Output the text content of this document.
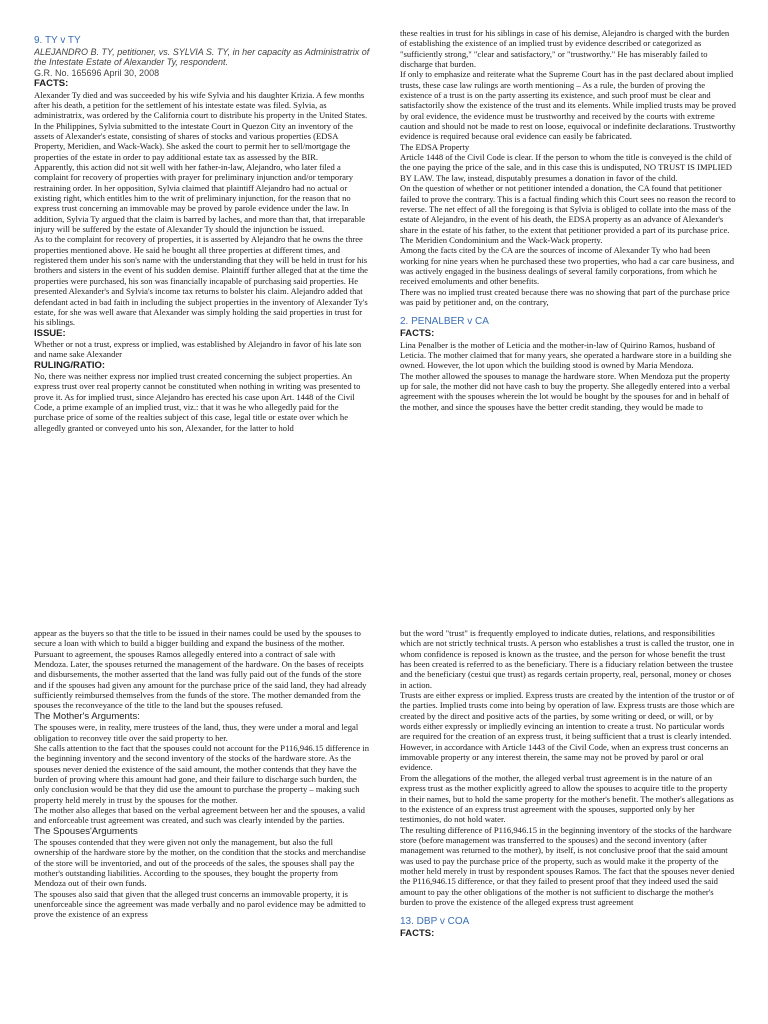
9. TY v TY
ALEJANDRO B. TY, petitioner, vs. SYLVIA S. TY, in her capacity as Administratrix of the Intestate Estate of Alexander Ty, respondent.
G.R. No. 165696 April 30, 2008
FACTS:
Alexander Ty died and was succeeded by his wife Sylvia and his daughter Krizia. A few months after his death, a petition for the settlement of his intestate estate was filed. Sylvia, as administratrix, was ordered by the California court to distribute his property in the United States. In the Philippines, Sylvia submitted to the intestate Court in Quezon City an inventory of the assets of Alexander's estate, consisting of shares of stocks and various properties (EDSA Property, Meridien, and Wack-Wack). She asked the court to permit her to sell/mortgage the properties of the estate in order to pay additional estate tax as assessed by the BIR.
Apparently, this action did not sit well with her father-in-law, Alejandro, who later filed a complaint for recovery of properties with prayer for preliminary injunction and/or temporary restraining order. In her opposition, Sylvia claimed that plaintiff Alejandro had no actual or existing right, which entitles him to the writ of preliminary injunction, for the reason that no express trust concerning an immovable may be proved by parole evidence under the law. In addition, Sylvia Ty argued that the claim is barred by laches, and more than that, that irreparable injury will be suffered by the estate of Alexander Ty should the injunction be issued.
As to the complaint for recovery of properties, it is asserted by Alejandro that he owns the three properties mentioned above. He said he bought all three properties at different times, and registered them under his son's name with the understanding that they will be held in trust for his brothers and sisters in the event of his sudden demise. Plaintiff further alleged that at the time the properties were purchased, his son was financially incapable of purchasing said properties. He presented Alexander's and Sylvia's income tax returns to bolster his claim. Alejandro added that defendant acted in bad faith in including the subject properties in the inventory of Alexander Ty's estate, for she was well aware that Alexander was simply holding the said properties in trust for his siblings.
ISSUE:
Whether or not a trust, express or implied, was established by Alejandro in favor of his late son and name sake Alexander
RULING/RATIO:
No, there was neither express nor implied trust created concerning the subject properties. An express trust over real property cannot be constituted when nothing in writing was presented to prove it. As for implied trust, since Alejandro has erected his case upon Art. 1448 of the Civil Code, a prime example of an implied trust, viz.: that it was he who allegedly paid for the purchase price of some of the realties subject of this case, legal title or estate over which he allegedly granted or conveyed unto his son, Alexander, for the latter to hold
these realties in trust for his siblings in case of his demise, Alejandro is charged with the burden of establishing the existence of an implied trust by evidence described or categorized as "sufficiently strong," "clear and satisfactory," or "trustworthy." He has miserably failed to discharge that burden.
If only to emphasize and reiterate what the Supreme Court has in the past declared about implied trusts, these case law rulings are worth mentioning – As a rule, the burden of proving the existence of a trust is on the party asserting its existence, and such proof must be clear and satisfactorily show the existence of the trust and its elements. While implied trusts may be proved by oral evidence, the evidence must be trustworthy and received by the courts with extreme caution and should not be made to rest on loose, equivocal or indefinite declarations. Trustworthy evidence is required because oral evidence can easily be fabricated.
The EDSA Property
Article 1448 of the Civil Code is clear. If the person to whom the title is conveyed is the child of the one paying the price of the sale, and in this case this is undisputed, NO TRUST IS IMPLIED BY LAW. The law, instead, disputably presumes a donation in favor of the child.
On the question of whether or not petitioner intended a donation, the CA found that petitioner failed to prove the contrary. This is a factual finding which this Court sees no reason the record to reverse. The net effect of all the foregoing is that Sylvia is obliged to collate into the mass of the estate of Alejandro, in the event of his death, the EDSA property as an advance of Alexander's share in the estate of his father, to the extent that petitioner provided a part of its purchase price.
The Meridien Condominium and the Wack-Wack property.
Among the facts cited by the CA are the sources of income of Alexander Ty who had been working for nine years when he purchased these two properties, who had a car care business, and was actively engaged in the business dealings of several family corporations, from which he received emoluments and other benefits.
There was no implied trust created because there was no showing that part of the purchase price was paid by petitioner and, on the contrary,
2. PENALBER v CA
FACTS:
Lina Penalber is the mother of Leticia and the mother-in-law of Quirino Ramos, husband of Leticia. The mother claimed that for many years, she operated a hardware store in a building she owned. However, the lot upon which the building stood is owned by Maria Mendoza.
The mother allowed the spouses to manage the hardware store. When Mendoza put the property up for sale, the mother did not have cash to buy the property. She allegedly entered into a verbal agreement with the spouses wherein the lot would be bought by the spouses for and in behalf of the mother, and since the spouses have the better credit standing, they would be made to
appear as the buyers so that the title to be issued in their names could be used by the spouses to secure a loan with which to build a bigger building and expand the business of the mother.
Pursuant to agreement, the spouses Ramos allegedly entered into a contract of sale with Mendoza. Later, the spouses returned the management of the hardware. On the bases of receipts and disbursements, the mother asserted that the land was fully paid out of the funds of the store and if the spouses had given any amount for the purchase price of the said land, they had already sufficiently reimbursed themselves from the funds of the store. The mother demanded from the spouses the reconveyance of the title to the land but the spouses refused.
The Mother's Arguments:
The spouses were, in reality, mere trustees of the land, thus, they were under a moral and legal obligation to reconvey title over the said property to her.
She calls attention to the fact that the spouses could not account for the P116,946.15 difference in the beginning inventory and the second inventory of the stocks of the hardware store. As the spouses never denied the existence of the said amount, the mother contends that they have the burden of proving where this amount had gone, and their failure to discharge such burden, the only conclusion would be that they did use the amount to purchase the property – making such property held merely in trust by the spouses for the mother.
The mother also alleges that based on the verbal agreement between her and the spouses, a valid and enforceable trust agreement was created, and such was clearly intended by the parties.
The Spouses'Arguments
The spouses contended that they were given not only the management, but also the full ownership of the hardware store by the mother, on the condition that the stocks and merchandise of the store will be inventoried, and out of the proceeds of the sales, the spouses shall pay the mother's outstanding liabilities. According to the spouses, they bought the property from Mendoza out of their own funds.
The spouses also said that given that the alleged trust concerns an immovable property, it is unenforceable since the agreement was made verbally and no parol evidence may be admitted to prove the existence of an express
but the word "trust" is frequently employed to indicate duties, relations, and responsibilities which are not strictly technical trusts. A person who establishes a trust is called the trustor, one in whom confidence is reposed is known as the trustee, and the person for whose benefit the trust has been created is referred to as the beneficiary. There is a fiduciary relation between the trustee and the beneficiary (cestui que trust) as regards certain property, real, personal, money or choses in action.
Trusts are either express or implied. Express trusts are created by the intention of the trustor or of the parties. Implied trusts come into being by operation of law. Express trusts are those which are created by the direct and positive acts of the parties, by some writing or deed, or will, or by words either expressly or impliedly evincing an intention to create a trust. No particular words are required for the creation of an express trust, it being sufficient that a trust is clearly intended. However, in accordance with Article 1443 of the Civil Code, when an express trust concerns an immovable property or any interest therein, the same may not be proved by parol or oral evidence.
From the allegations of the mother, the alleged verbal trust agreement is in the nature of an express trust as the mother explicitly agreed to allow the spouses to acquire title to the property in their names, but to hold the same property for the mother's benefit. The mother's allegations as to the existence of an express trust agreement with the spouses, supported only by her testimonies, do not hold water.
The resulting difference of P116,946.15 in the beginning inventory of the stocks of the hardware store (before management was transferred to the spouses) and the second inventory (after management was returned to the mother), by itself, is not conclusive proof that the said amount was used to pay the purchase price of the property, such as would make it the property of the mother held merely in trust by respondent spouses Ramos. The fact that the spouses never denied the P116,946.15 difference, or that they failed to present proof that they indeed used the said amount to pay the other obligations of the mother is not sufficient to discharge the mother's burden to prove the existence of the alleged express trust agreement
13. DBP v COA
FACTS:
